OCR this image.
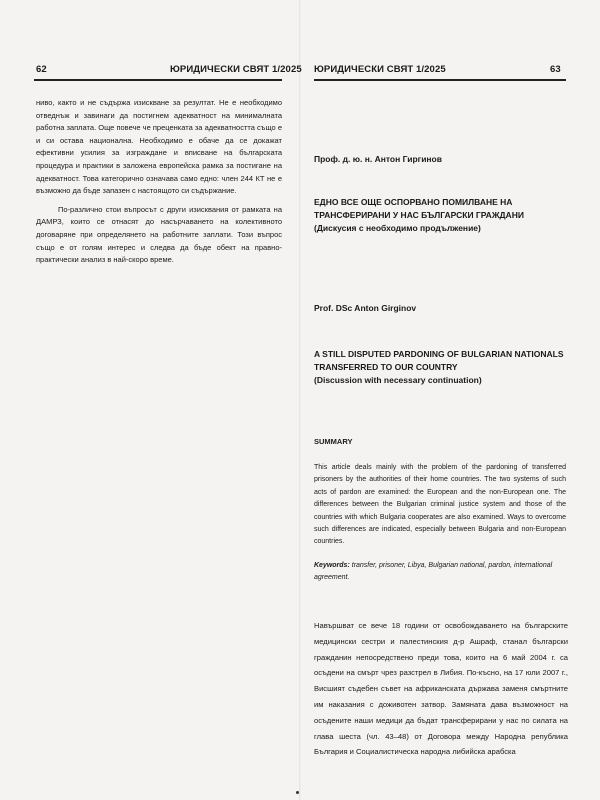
62	ЮРИДИЧЕСКИ СВЯТ 1/2025

ниво, както и не съдържа изискване за резултат. Не е необходимо отведнъж и завинаги да постигнем адекватност на минималната работна заплата. Още повече че преценката за адекватността също е и си остава национална. Необходимо е обаче да се докажат ефективни усилия за изграждане и вписване на българската процедура и практики в заложена европейска рамка за постигане на адекватност. Това категорично означава само едно: член 244 КТ не е възможно да бъде запазен с настоящото си съдържание.

По-различно стои въпросът с други изисквания от рамката на ДАМРЗ, които се отнасят до насърчаването на колективното договаряне при определянето на работните заплати. Този въпрос също е от голям интерес и следва да бъде обект на правно-практически анализ в най-скоро време.

ЮРИДИЧЕСКИ СВЯТ 1/2025	63
Проф. д. ю. н. Антон Гиргинов
ЕДНО ВСЕ ОЩЕ ОСПОРВАНО ПОМИЛВАНЕ НА ТРАНСФЕРИРАНИ У НАС БЪЛГАРСКИ ГРАЖДАНИ
(Дискусия с необходимо продължение)
Prof. DSc Anton Girginov
A STILL DISPUTED PARDONING OF BULGARIAN NATIONALS TRANSFERRED TO OUR COUNTRY
(Discussion with necessary continuation)
SUMMARY
This article deals mainly with the problem of the pardoning of transferred prisoners by the authorities of their home countries. The two systems of such acts of pardon are examined: the European and the non-European one. The differences between the Bulgarian criminal justice system and those of the countries with which Bulgaria cooperates are also examined. Ways to overcome such differences are indicated, especially between Bulgaria and non-European countries.
Keywords: transfer, prisoner, Libya, Bulgarian national, pardon, international agreement.

Навършват се вече 18 години от освобождаването на българските медицински сестри и палестинския д-р Ашраф, станал български гражданин непосредствено преди това, които на 6 май 2004 г. са осъдени на смърт чрез разстрел в Либия. По-късно, на 17 юли 2007 г., Висшият съдебен съвет на африканската държава заменя смъртните им наказания с доживотен затвор. Замяната дава възможност на осъдените наши медици да бъдат трансферирани у нас по силата на глава шеста (чл. 43–48) от Договора между Народна република България и Социалистическа народна либийска арабска
